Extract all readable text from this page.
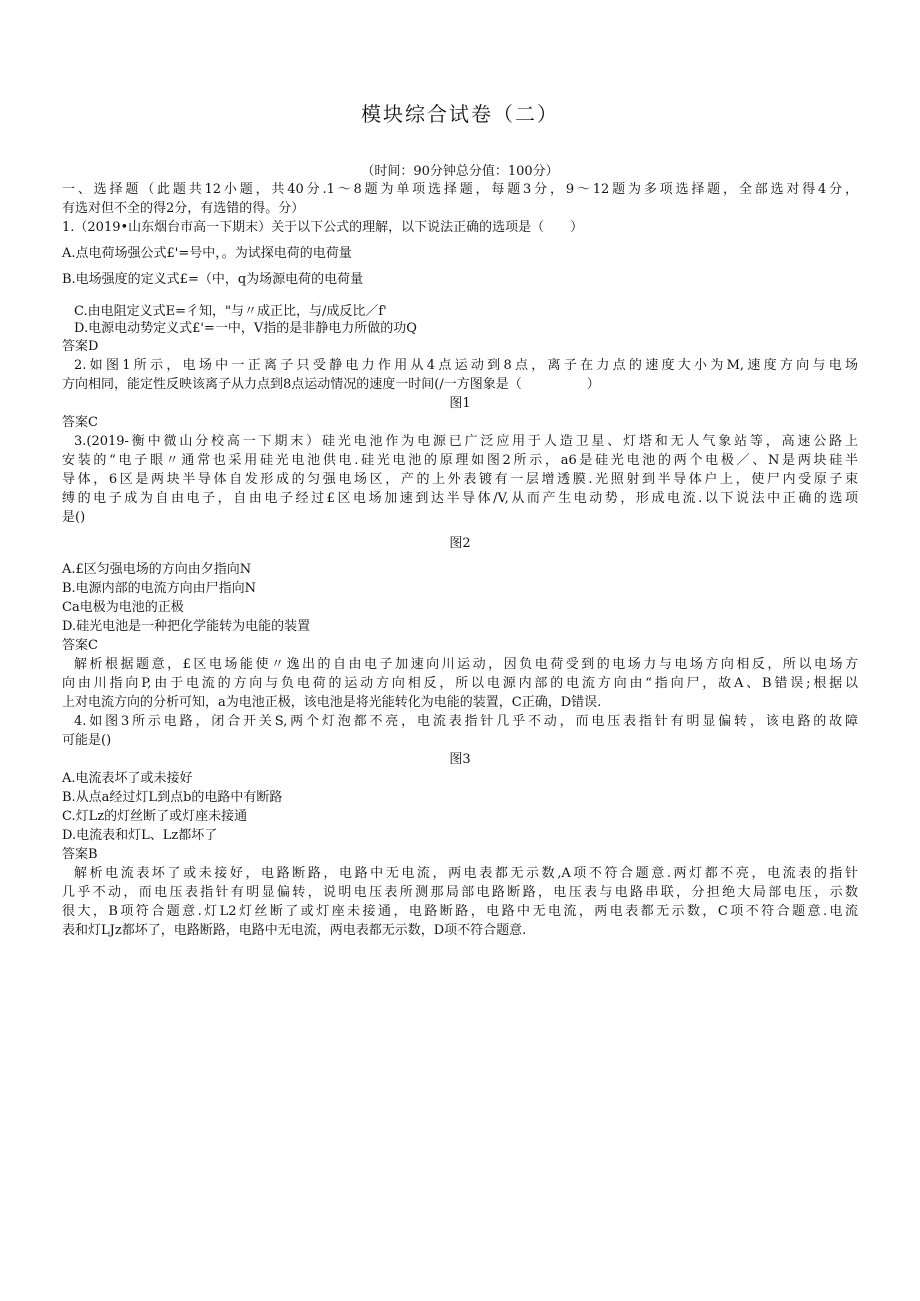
模块综合试卷（二）
（时间：90分钟总分值：100分）
一、选择题（此题共12小题，共40分.1〜8题为单项选择题，每题3分，9〜12题为多项选择题，全部选对得4分，
有选对但不全的得2分，有选错的得。分）
1.（2019•山东烟台市高一下期末）关于以下公式的理解，以下说法正确的选项是（　　）
A.点电荷场强公式£'=号中，。为试探电荷的电荷量
B.电场强度的定义式£=（中，q为场源电荷的电荷量
C.由电阻定义式E=彳知，"与〃成正比，与/成反比／f'
D.电源电动势定义式£'=一中，V指的是非静电力所做的功Q
答案D
2.如图1所示，电场中一正离子只受静电力作用从4点运动到8点，离子在力点的速度大小为M,速度方向与电场
方向相同，能定性反映该离子从力点到8点运动情况的速度一时间(/一方图象是（　　　　　）
图1
答案C
3.(2019-衡中微山分校高一下期末）硅光电池作为电源已广泛应用于人造卫星、灯塔和无人气象站等，高速公路上
安装的“电子眼〃通常也采用硅光电池供电.硅光电池的原理如图2所示，a6是硅光电池的两个电极／、N是两块硅半
导体，6区是两块半导体自发形成的匀强电场区，产的上外表镀有一层增透膜.光照射到半导体户上，使尸内受原子束
缚的电子成为自由电子，自由电子经过£区电场加速到达半导体/V,从而产生电动势，形成电流.以下说法中正确的选项
是()
图2
A.£区匀强电场的方向由夕指向N
B.电源内部的电流方向由尸指向N
Ca电极为电池的正极
D.硅光电池是一种把化学能转为电能的装置
答案C
解析根据题意，£区电场能使〃逸出的自由电子加速向川运动，因负电荷受到的电场力与电场方向相反，所以电场方
向由川指向P,由于电流的方向与负电荷的运动方向相反，所以电源内部的电流方向由“指向尸，故A、B错误;根据以
上对电流方向的分析可知，a为电池正极，该电池是将光能转化为电能的装置，C正确，D错误.
4.如图3所示电路，闭合开关S,两个灯泡都不亮，电流表指针几乎不动，而电压表指针有明显偏转，该电路的故障
可能是()
图3
A.电流表坏了或未接好
B.从点a经过灯L到点b的电路中有断路
C.灯Lz的灯丝断了或灯座未接通
D.电流表和灯L、Lz都坏了
答案B
解析电流表坏了或未接好，电路断路，电路中无电流，两电表都无示数,A项不符合题意.两灯都不亮，电流表的指针
几乎不动，而电压表指针有明显偏转，说明电压表所测那局部电路断路，电压表与电路串联，分担绝大局部电压，示数
很大，B项符合题意.灯L2灯丝断了或灯座未接通，电路断路，电路中无电流，两电表都无示数，C项不符合题意.电流
表和灯LJz都坏了，电路断路，电路中无电流，两电表都无示数，D项不符合题意.
